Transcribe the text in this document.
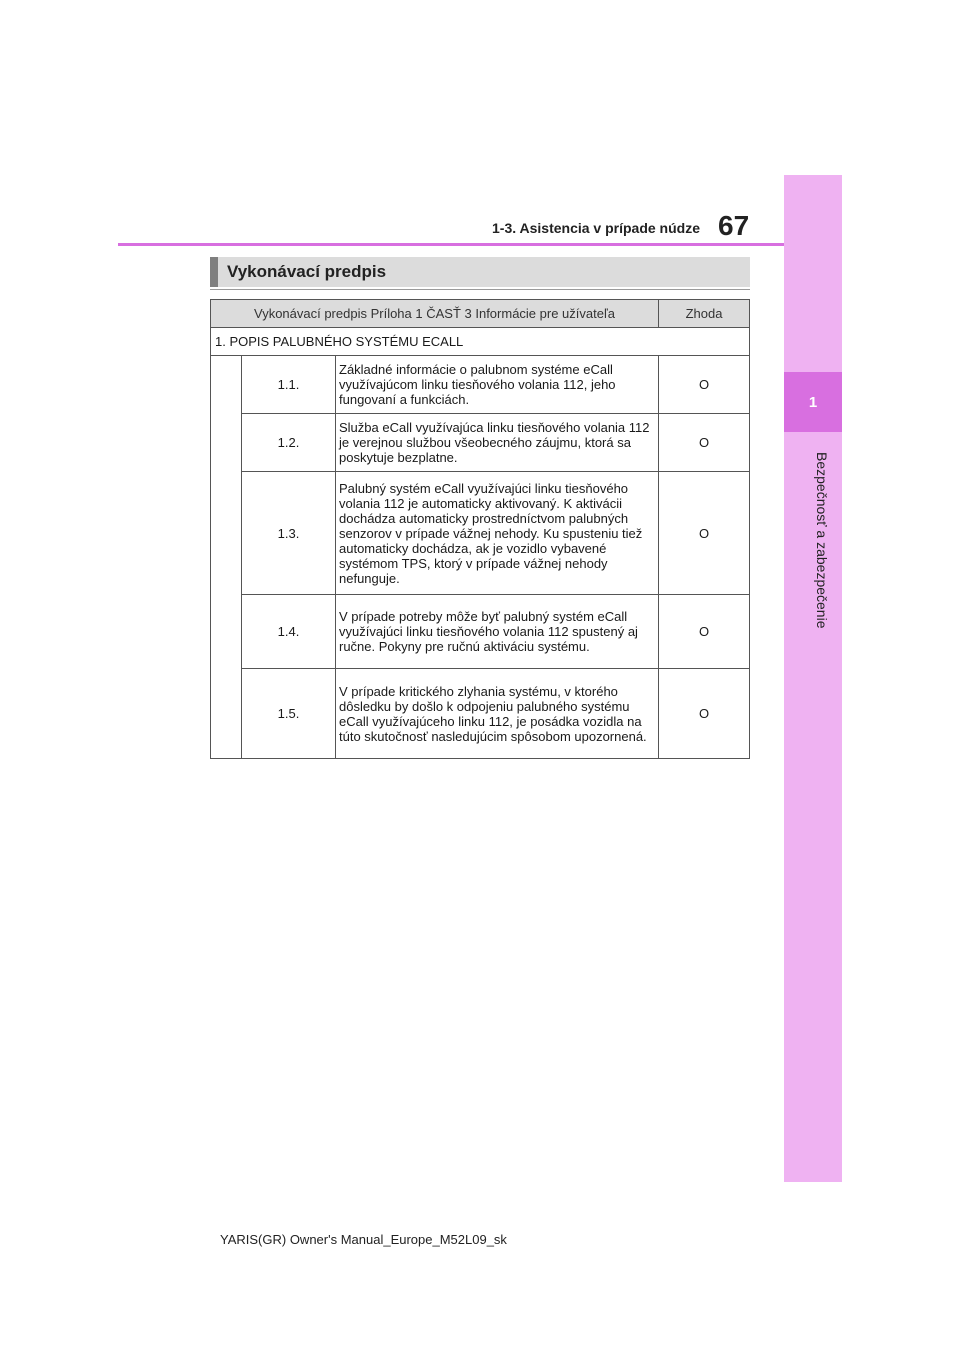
1
Bezpečnosť a zabezpečenie
1-3. Asistencia v prípade núdze 67
Vykonávací predpis
Vykonávací predpis Príloha 1 ČASŤ 3 Informácie pre užívateľa			Zhoda
1. POPIS PALUBNÉHO SYSTÉMU ECALL			
	1.1.	Základné informácie o palubnom systéme eCall využívajúcom linku tiesňového volania 112, jeho fungovaní a funkciách.	O
	1.2.	Služba eCall využívajúca linku tiesňového volania 112 je verejnou službou všeobecného záujmu, ktorá sa poskytuje bezplatne.	O
	1.3.	Palubný systém eCall využívajúci linku tiesňového volania 112 je automaticky aktivovaný. K aktivácii dochádza automaticky prostredníctvom palubných senzorov v prípade vážnej nehody. Ku spusteniu tiež automaticky dochádza, ak je vozidlo vybavené systémom TPS, ktorý v prípade vážnej nehody nefunguje.	O
	1.4.	V prípade potreby môže byť palubný systém eCall využívajúci linku tiesňového volania 112 spustený aj ručne. Pokyny pre ručnú aktiváciu systému.	O
	1.5.	V prípade kritického zlyhania systému, v ktorého dôsledku by došlo k odpojeniu palubného systému eCall využívajúceho linku 112, je posádka vozidla na túto skutočnosť nasledujúcim spôsobom upozornená.	O
YARIS(GR) Owner's Manual_Europe_M52L09_sk
